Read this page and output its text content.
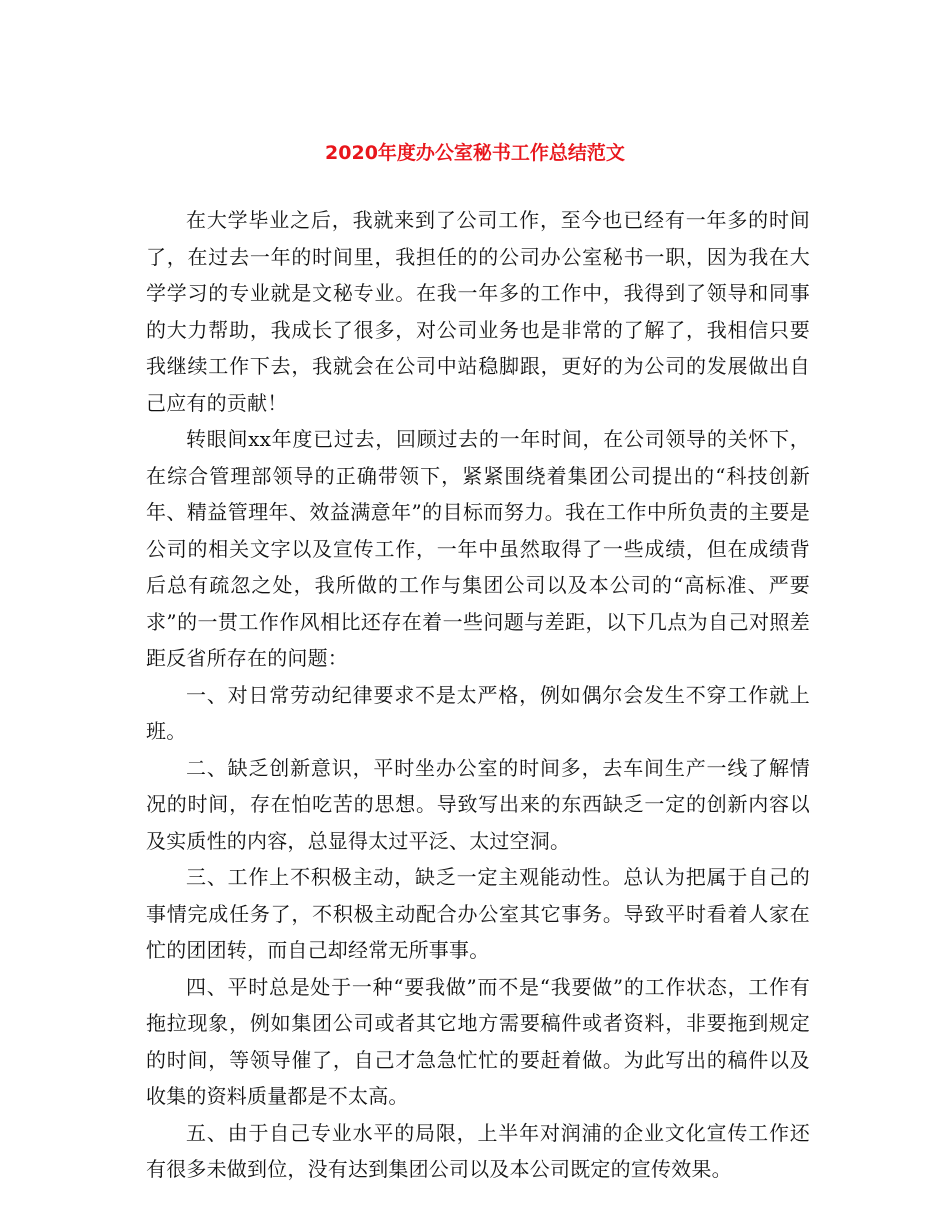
2020年度办公室秘书工作总结范文

在大学毕业之后，我就来到了公司工作，至今也已经有一年多的时间了，在过去一年的时间里，我担任的的公司办公室秘书一职，因为我在大学学习的专业就是文秘专业。在我一年多的工作中，我得到了领导和同事的大力帮助，我成长了很多，对公司业务也是非常的了解了，我相信只要我继续工作下去，我就会在公司中站稳脚跟，更好的为公司的发展做出自己应有的贡献！

转眼间xx年度已过去，回顾过去的一年时间，在公司领导的关怀下，在综合管理部领导的正确带领下，紧紧围绕着集团公司提出的“科技创新年、精益管理年、效益满意年”的目标而努力。我在工作中所负责的主要是公司的相关文字以及宣传工作，一年中虽然取得了一些成绩，但在成绩背后总有疏忽之处，我所做的工作与集团公司以及本公司的“高标准、严要求”的一贯工作作风相比还存在着一些问题与差距，以下几点为自己对照差距反省所存在的问题：

一、对日常劳动纪律要求不是太严格，例如偶尔会发生不穿工作就上班。

二、缺乏创新意识，平时坐办公室的时间多，去车间生产一线了解情况的时间，存在怕吃苦的思想。导致写出来的东西缺乏一定的创新内容以及实质性的内容，总显得太过平泛、太过空洞。

三、工作上不积极主动，缺乏一定主观能动性。总认为把属于自己的事情完成任务了，不积极主动配合办公室其它事务。导致平时看着人家在忙的团团转，而自己却经常无所事事。

四、平时总是处于一种“要我做”而不是“我要做”的工作状态，工作有拖拉现象，例如集团公司或者其它地方需要稿件或者资料，非要拖到规定的时间，等领导催了，自己才急急忙忙的要赶着做。为此写出的稿件以及收集的资料质量都是不太高。

五、由于自己专业水平的局限，上半年对润浦的企业文化宣传工作还有很多未做到位，没有达到集团公司以及本公司既定的宣传效果。
